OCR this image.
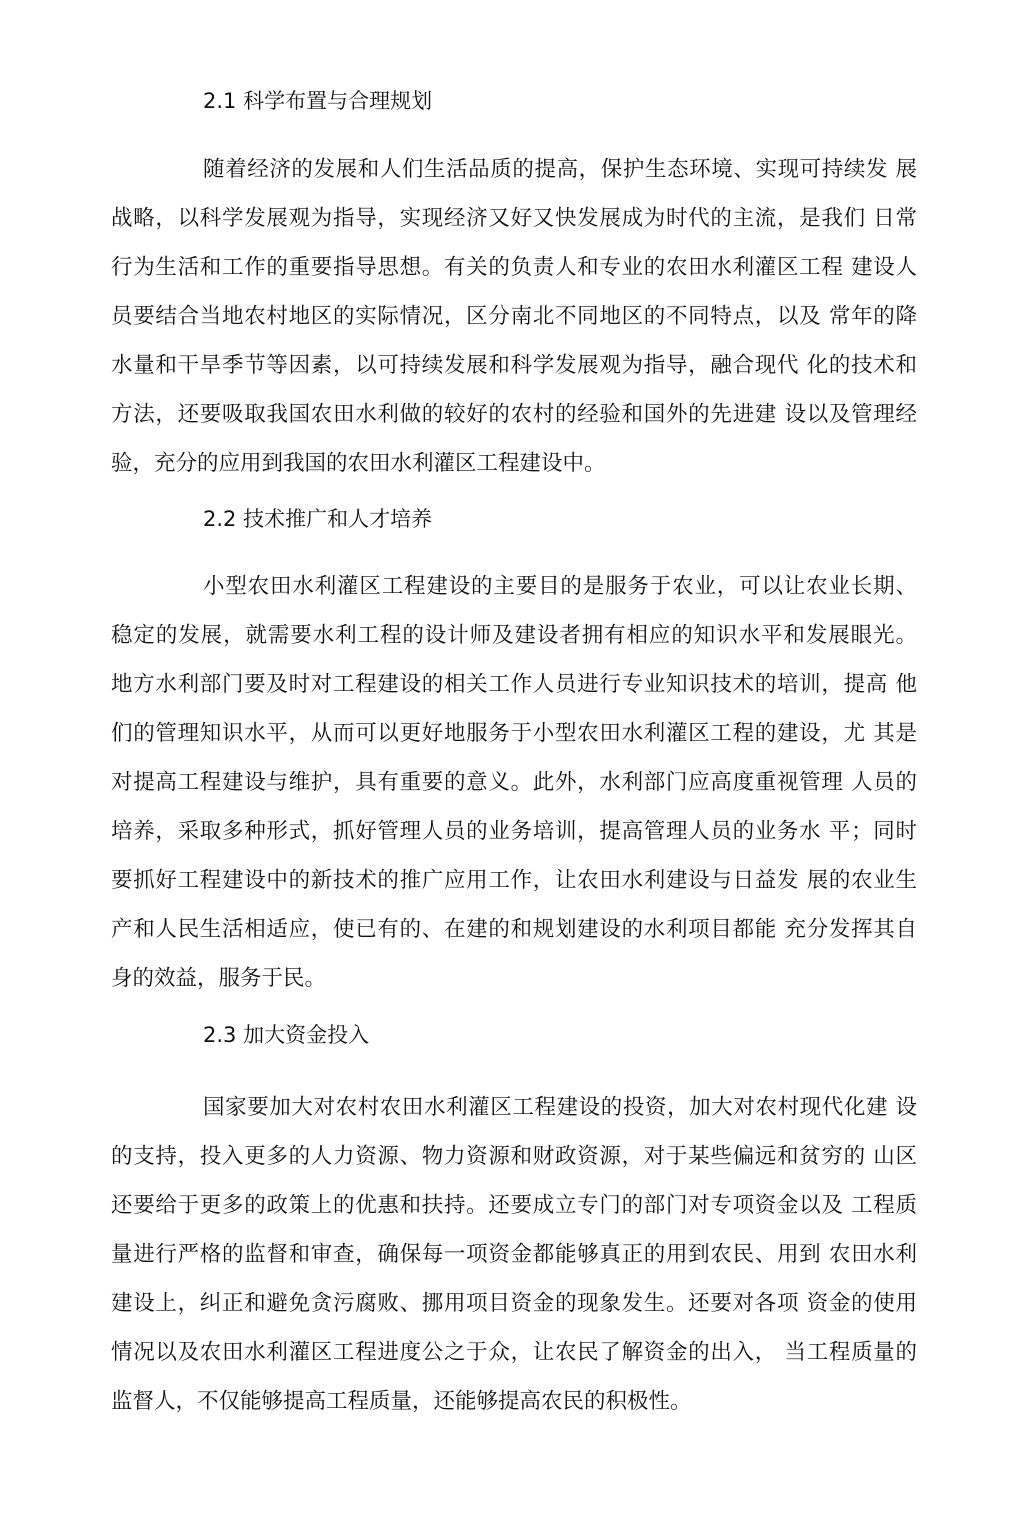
2.1 科学布置与合理规划
随着经济的发展和人们生活品质的提高，保护生态环境、实现可持续发 展
战略，以科学发展观为指导，实现经济又好又快发展成为时代的主流，是我们 日常
行为生活和工作的重要指导思想。有关的负责人和专业的农田水利灌区工程 建设人
员要结合当地农村地区的实际情况，区分南北不同地区的不同特点，以及 常年的降
水量和干旱季节等因素，以可持续发展和科学发展观为指导，融合现代 化的技术和
方法，还要吸取我国农田水利做的较好的农村的经验和国外的先进建 设以及管理经
验，充分的应用到我国的农田水利灌区工程建设中。
2.2 技术推广和人才培养
小型农田水利灌区工程建设的主要目的是服务于农业，可以让农业长期、
稳定的发展，就需要水利工程的设计师及建设者拥有相应的知识水平和发展眼光。
地方水利部门要及时对工程建设的相关工作人员进行专业知识技术的培训，提高 他
们的管理知识水平，从而可以更好地服务于小型农田水利灌区工程的建设，尤 其是
对提高工程建设与维护，具有重要的意义。此外，水利部门应高度重视管理 人员的
培养，采取多种形式，抓好管理人员的业务培训，提高管理人员的业务水 平；同时
要抓好工程建设中的新技术的推广应用工作，让农田水利建设与日益发 展的农业生
产和人民生活相适应，使已有的、在建的和规划建设的水利项目都能 充分发挥其自
身的效益，服务于民。
2.3 加大资金投入
国家要加大对农村农田水利灌区工程建设的投资，加大对农村现代化建 设
的支持，投入更多的人力资源、物力资源和财政资源，对于某些偏远和贫穷的 山区
还要给于更多的政策上的优惠和扶持。还要成立专门的部门对专项资金以及 工程质
量进行严格的监督和审查，确保每一项资金都能够真正的用到农民、用到 农田水利
建设上，纠正和避免贪污腐败、挪用项目资金的现象发生。还要对各项 资金的使用
情况以及农田水利灌区工程进度公之于众，让农民了解资金的出入， 当工程质量的
监督人，不仅能够提高工程质量，还能够提高农民的积极性。
